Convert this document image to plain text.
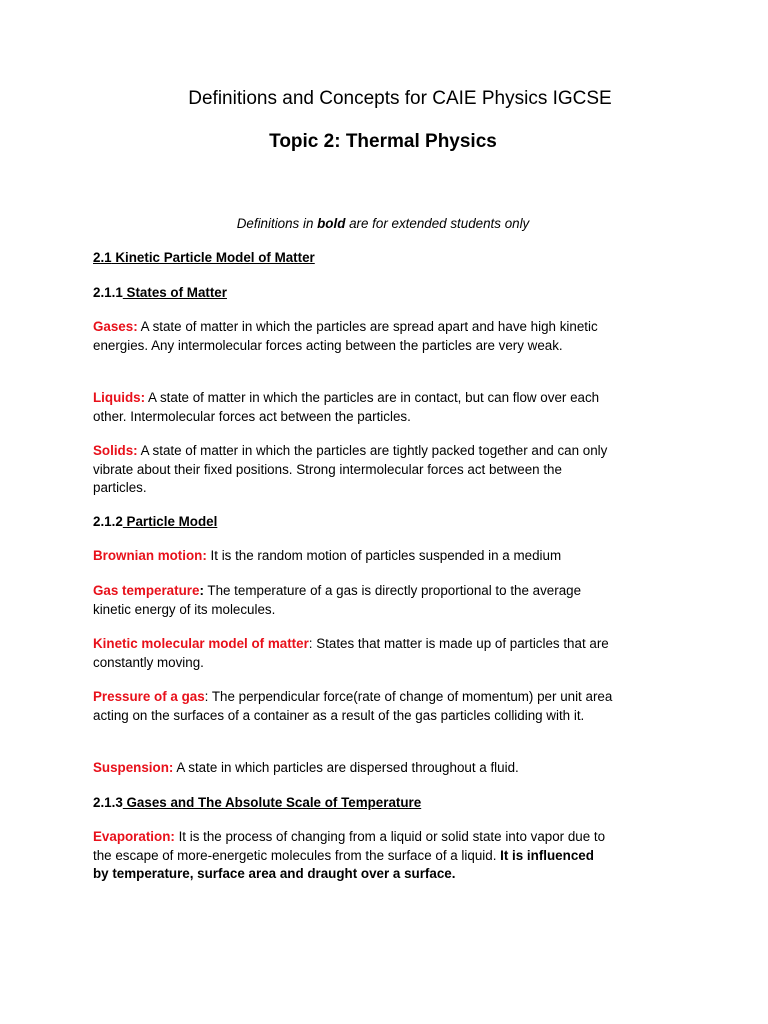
Definitions and Concepts for CAIE Physics IGCSE
Topic 2: Thermal Physics

Definitions in bold are for extended students only

2.1 Kinetic Particle Model of Matter

2.1.1 States of Matter

Gases: A state of matter in which the particles are spread apart and have high kinetic energies. Any intermolecular forces acting between the particles are very weak.

Liquids: A state of matter in which the particles are in contact, but can flow over each other. Intermolecular forces act between the particles.

Solids: A state of matter in which the particles are tightly packed together and can only vibrate about their fixed positions. Strong intermolecular forces act between the particles.

2.1.2 Particle Model

Brownian motion: It is the random motion of particles suspended in a medium

Gas temperature: The temperature of a gas is directly proportional to the average kinetic energy of its molecules.

Kinetic molecular model of matter: States that matter is made up of particles that are constantly moving.

Pressure of a gas: The perpendicular force(rate of change of momentum) per unit area acting on the surfaces of a container as a result of the gas particles colliding with it.

Suspension: A state in which particles are dispersed throughout a fluid.

2.1.3 Gases and The Absolute Scale of Temperature

Evaporation: It is the process of changing from a liquid or solid state into vapor due to the escape of more-energetic molecules from the surface of a liquid. It is influenced by temperature, surface area and draught over a surface.
